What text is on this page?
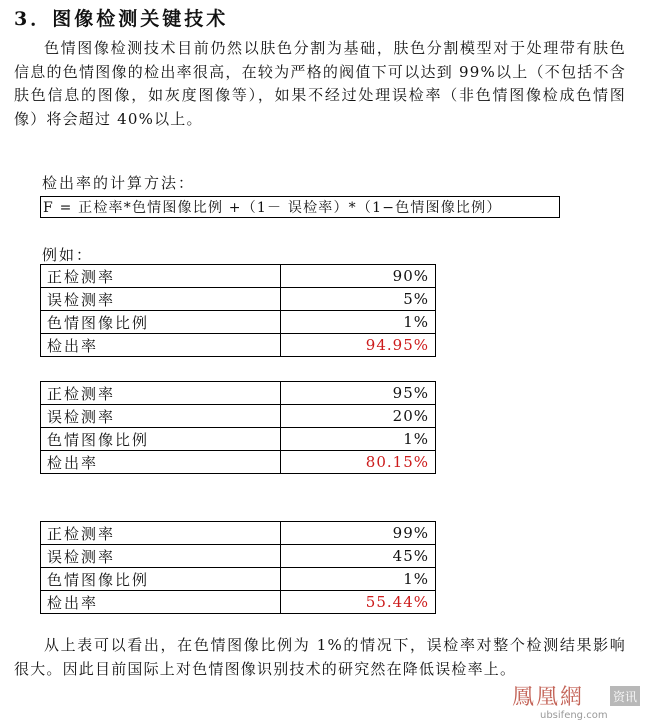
3．图像检测关键技术

色情图像检测技术目前仍然以肤色分割为基础，肤色分割模型对于处理带有肤色信息的色情图像的检出率很高，在较为严格的阀值下可以达到 99%以上（不包括不含肤色信息的图像，如灰度图像等），如果不经过处理误检率（非色情图像检成色情图像）将会超过 40%以上。

检出率的计算方法：
F = 正检率*色情图像比例 +（1－ 误检率）*（1−色情图像比例）
例如：
正检测率	90%
误检测率	5%
色情图像比例	1%
检出率	94.95%
正检测率	95%
误检测率	20%
色情图像比例	1%
检出率	80.15%
正检测率	99%
误检测率	45%
色情图像比例	1%
检出率	55.44%

从上表可以看出，在色情图像比例为 1%的情况下，误检率对整个检测结果影响很大。因此目前国际上对色情图像识别技术的研究然在降低误检率上。

鳳凰網 资讯
ubsifeng.com
